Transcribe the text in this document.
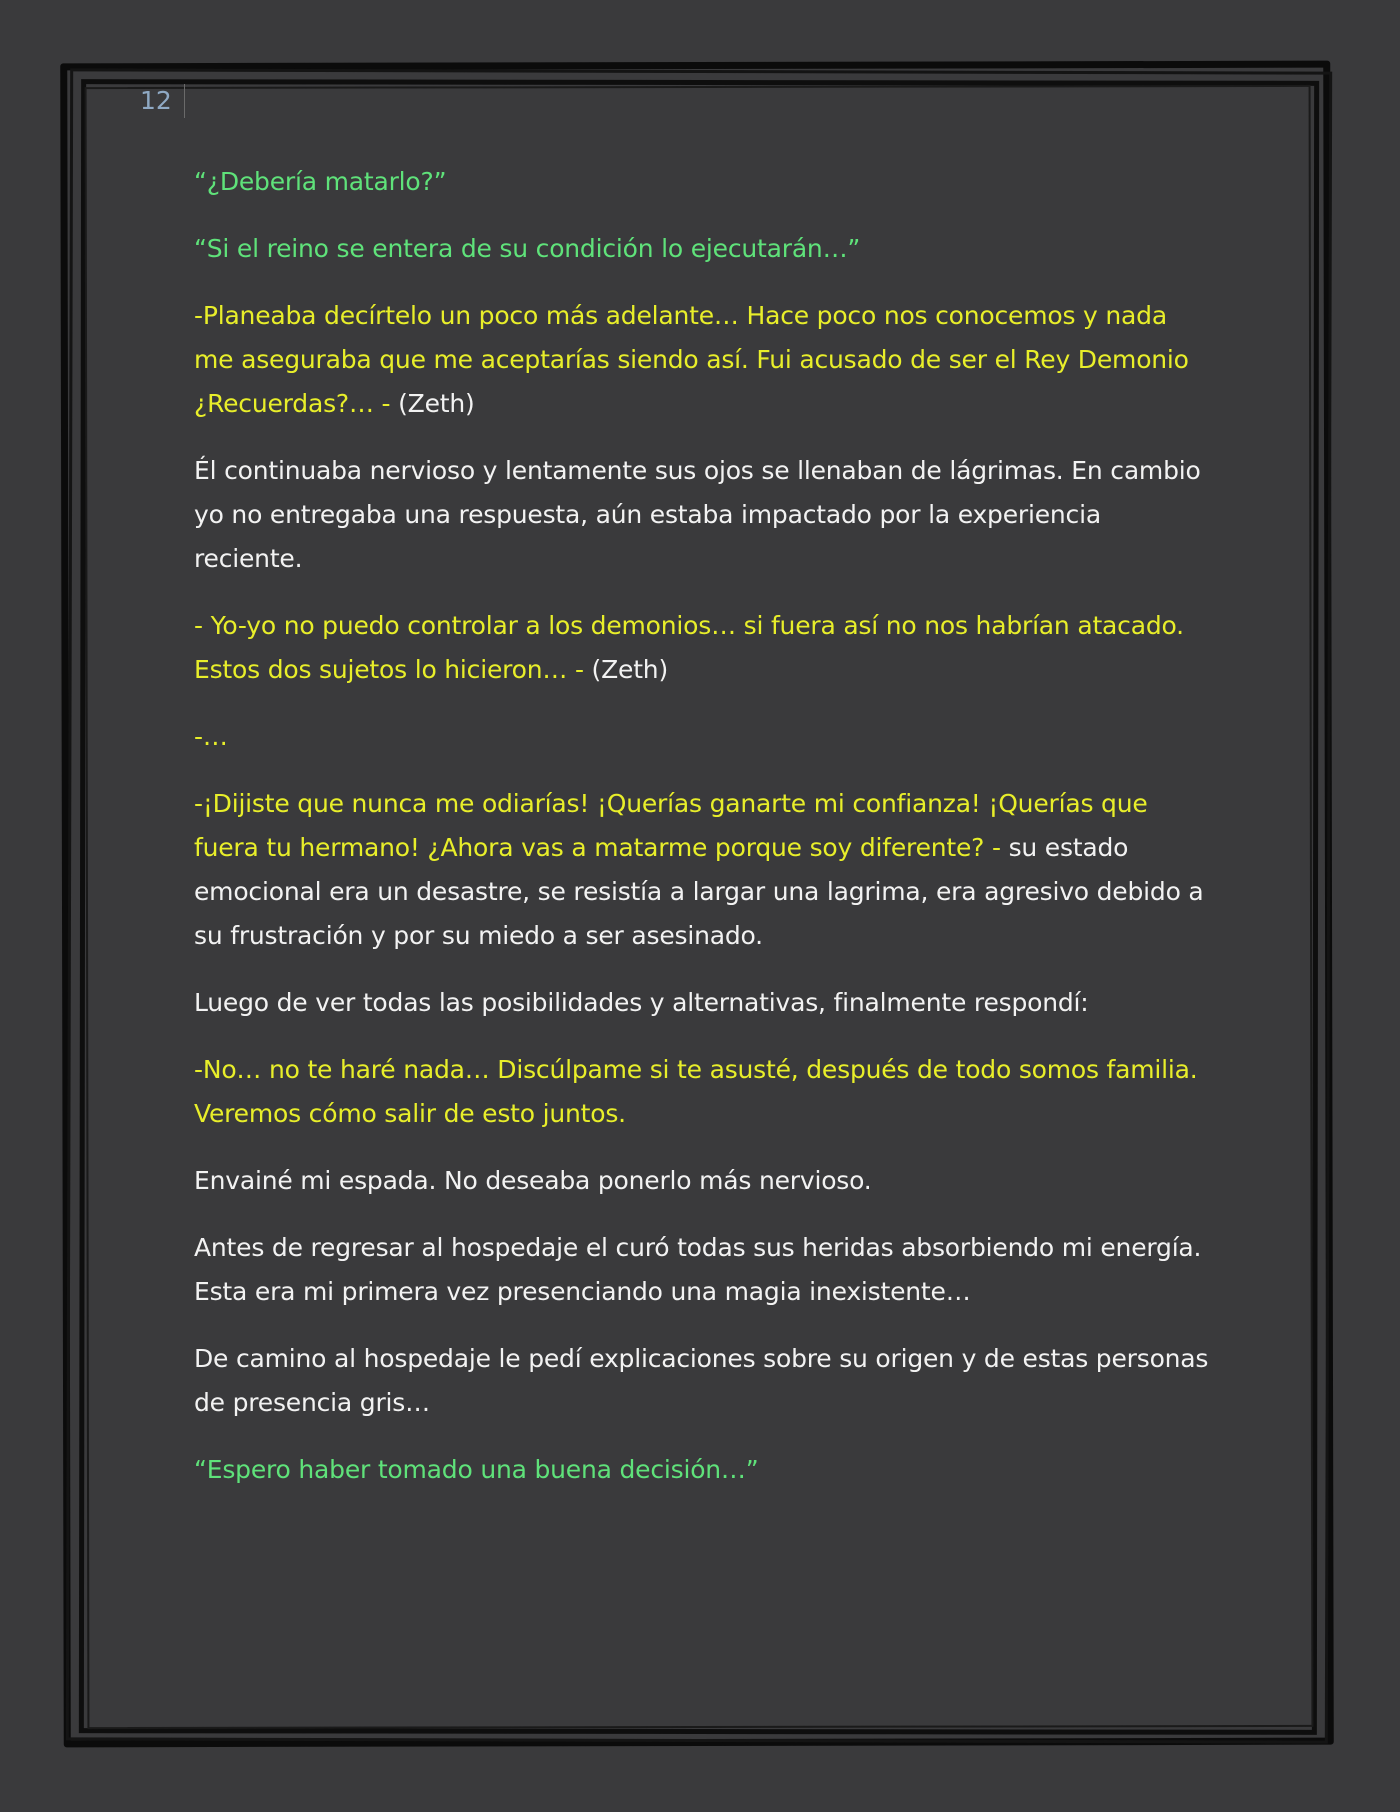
12

“¿Debería matarlo?”

“Si el reino se entera de su condición lo ejecutarán…”

-Planeaba decírtelo un poco más adelante… Hace poco nos conocemos y nada me aseguraba que me aceptarías siendo así. Fui acusado de ser el Rey Demonio ¿Recuerdas?… - (Zeth)

Él continuaba nervioso y lentamente sus ojos se llenaban de lágrimas. En cambio yo no entregaba una respuesta, aún estaba impactado por la experiencia reciente.

- Yo-yo no puedo controlar a los demonios… si fuera así no nos habrían atacado. Estos dos sujetos lo hicieron… - (Zeth)

-…

-¡Dijiste que nunca me odiarías! ¡Querías ganarte mi confianza! ¡Querías que fuera tu hermano! ¿Ahora vas a matarme porque soy diferente? - su estado emocional era un desastre, se resistía a largar una lagrima, era agresivo debido a su frustración y por su miedo a ser asesinado.

Luego de ver todas las posibilidades y alternativas, finalmente respondí:

-No… no te haré nada… Discúlpame si te asusté, después de todo somos familia. Veremos cómo salir de esto juntos.

Envainé mi espada. No deseaba ponerlo más nervioso.

Antes de regresar al hospedaje el curó todas sus heridas absorbiendo mi energía. Esta era mi primera vez presenciando una magia inexistente…

De camino al hospedaje le pedí explicaciones sobre su origen y de estas personas de presencia gris…

“Espero haber tomado una buena decisión…”
